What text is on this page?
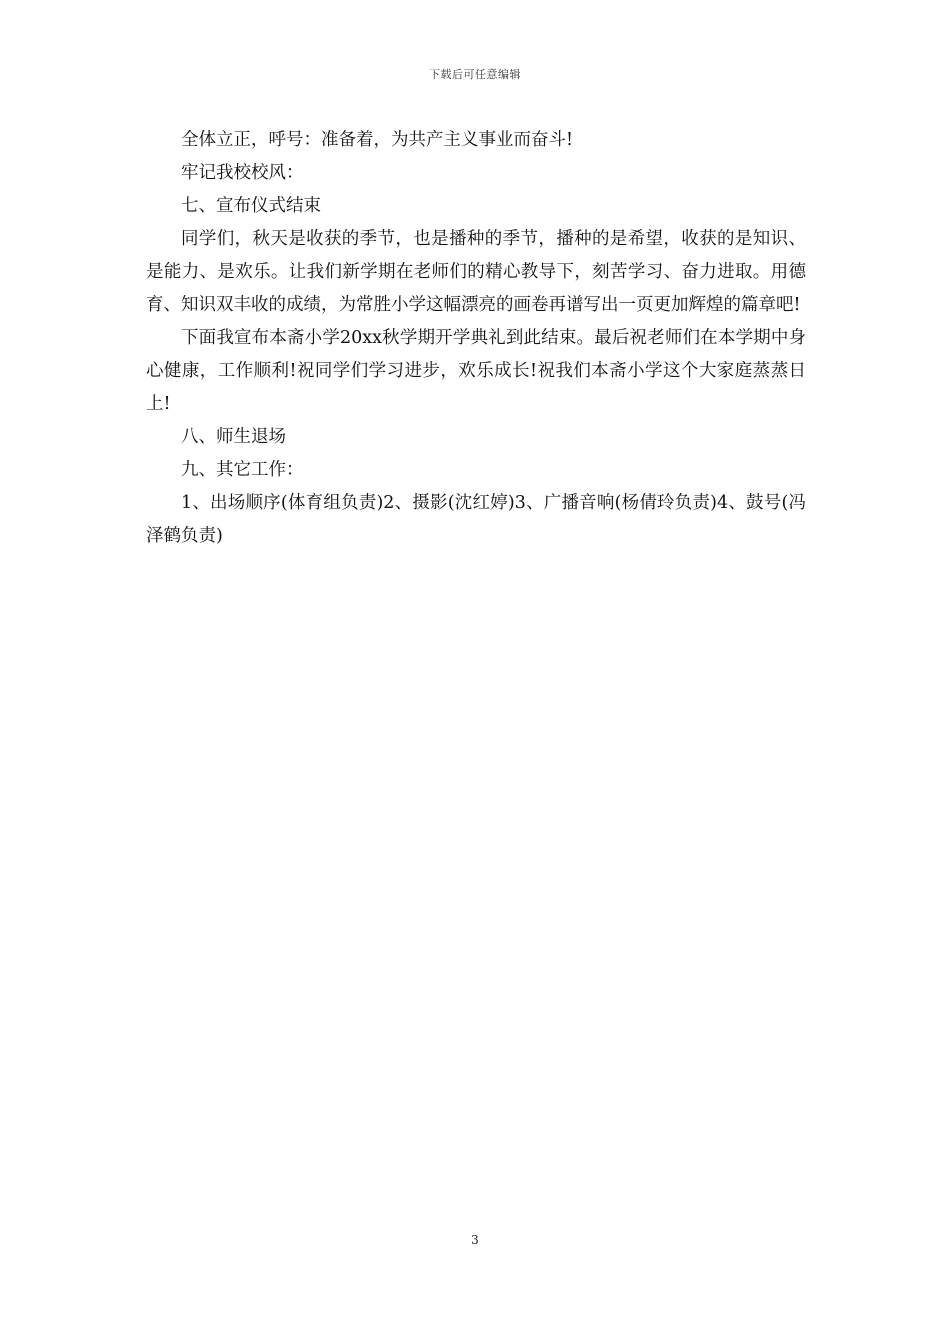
下载后可任意编辑

全体立正，呼号：准备着，为共产主义事业而奋斗!

牢记我校校风：

七、宣布仪式结束

同学们，秋天是收获的季节，也是播种的季节，播种的是希望，收获的是知识、是能力、是欢乐。让我们新学期在老师们的精心教导下，刻苦学习、奋力进取。用德育、知识双丰收的成绩，为常胜小学这幅漂亮的画卷再谱写出一页更加辉煌的篇章吧!

下面我宣布本斋小学20xx秋学期开学典礼到此结束。最后祝老师们在本学期中身心健康，工作顺利!祝同学们学习进步，欢乐成长!祝我们本斋小学这个大家庭蒸蒸日上!

八、师生退场

九、其它工作：

1、出场顺序(体育组负责)2、摄影(沈红婷)3、广播音响(杨倩玲负责)4、鼓号(冯泽鹤负责)

3
